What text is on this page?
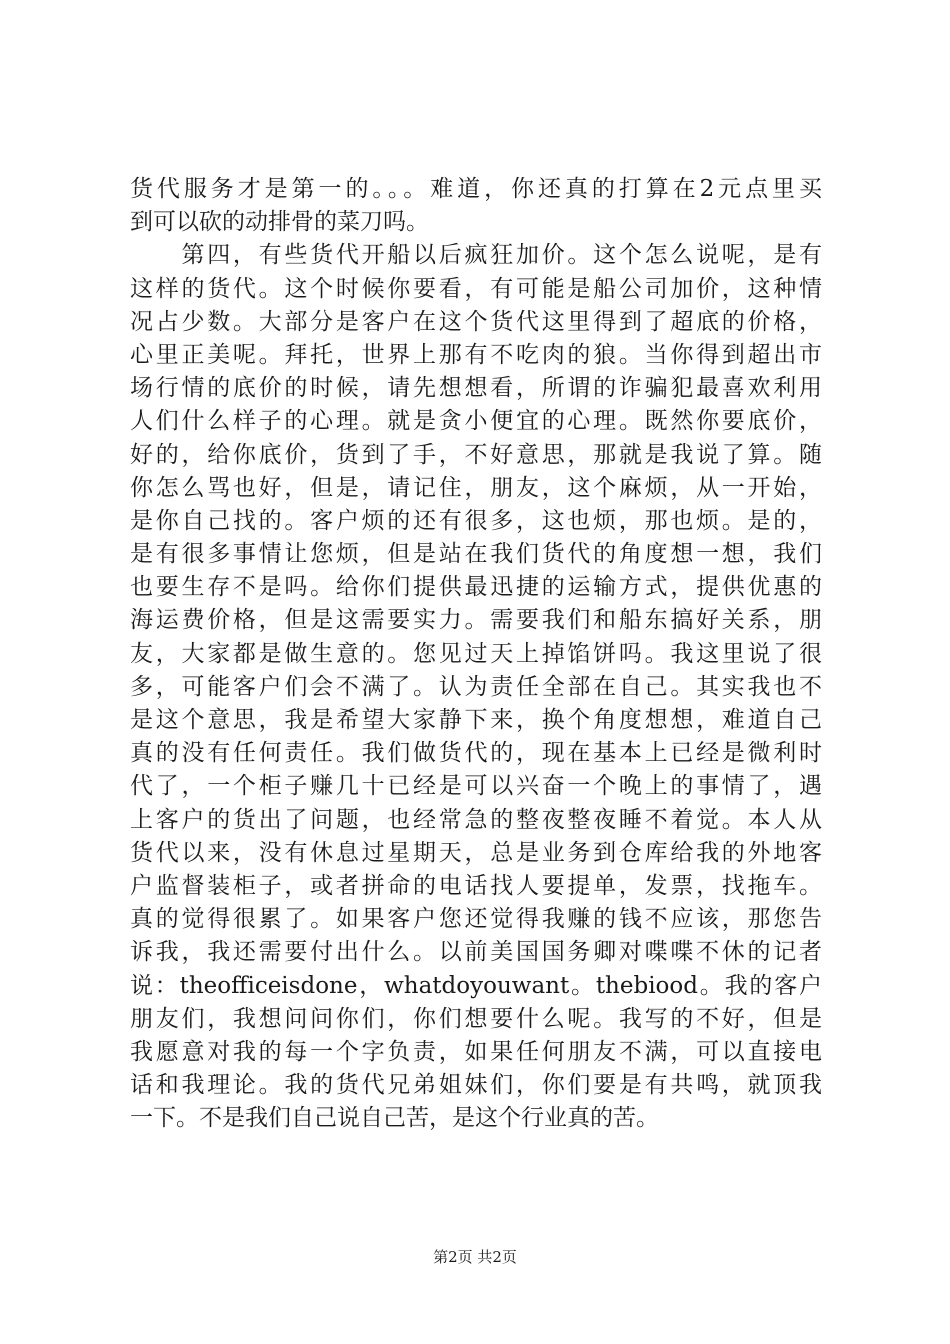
货代服务才是第一的。。。难道，你还真的打算在2元点里买
到可以砍的动排骨的菜刀吗。
　　第四，有些货代开船以后疯狂加价。这个怎么说呢，是有
这样的货代。这个时候你要看，有可能是船公司加价，这种情
况占少数。大部分是客户在这个货代这里得到了超底的价格，
心里正美呢。拜托，世界上那有不吃肉的狼。当你得到超出市
场行情的底价的时候，请先想想看，所谓的诈骗犯最喜欢利用
人们什么样子的心理。就是贪小便宜的心理。既然你要底价，
好的，给你底价，货到了手，不好意思，那就是我说了算。随
你怎么骂也好，但是，请记住，朋友，这个麻烦，从一开始，
是你自己找的。客户烦的还有很多，这也烦，那也烦。是的，
是有很多事情让您烦，但是站在我们货代的角度想一想，我们
也要生存不是吗。给你们提供最迅捷的运输方式，提供优惠的
海运费价格，但是这需要实力。需要我们和船东搞好关系，朋
友，大家都是做生意的。您见过天上掉馅饼吗。我这里说了很
多，可能客户们会不满了。认为责任全部在自己。其实我也不
是这个意思，我是希望大家静下来，换个角度想想，难道自己
真的没有任何责任。我们做货代的，现在基本上已经是微利时
代了，一个柜子赚几十已经是可以兴奋一个晚上的事情了，遇
上客户的货出了问题，也经常急的整夜整夜睡不着觉。本人从
货代以来，没有休息过星期天，总是业务到仓库给我的外地客
户监督装柜子，或者拼命的电话找人要提单，发票，找拖车。
真的觉得很累了。如果客户您还觉得我赚的钱不应该，那您告
诉我，我还需要付出什么。以前美国国务卿对喋喋不休的记者
说：theofficeisdone，whatdoyouwant。thebiood。我的客户
朋友们，我想问问你们，你们想要什么呢。我写的不好，但是
我愿意对我的每一个字负责，如果任何朋友不满，可以直接电
话和我理论。我的货代兄弟姐妹们，你们要是有共鸣，就顶我
一下。不是我们自己说自己苦，是这个行业真的苦。
第2页 共2页
